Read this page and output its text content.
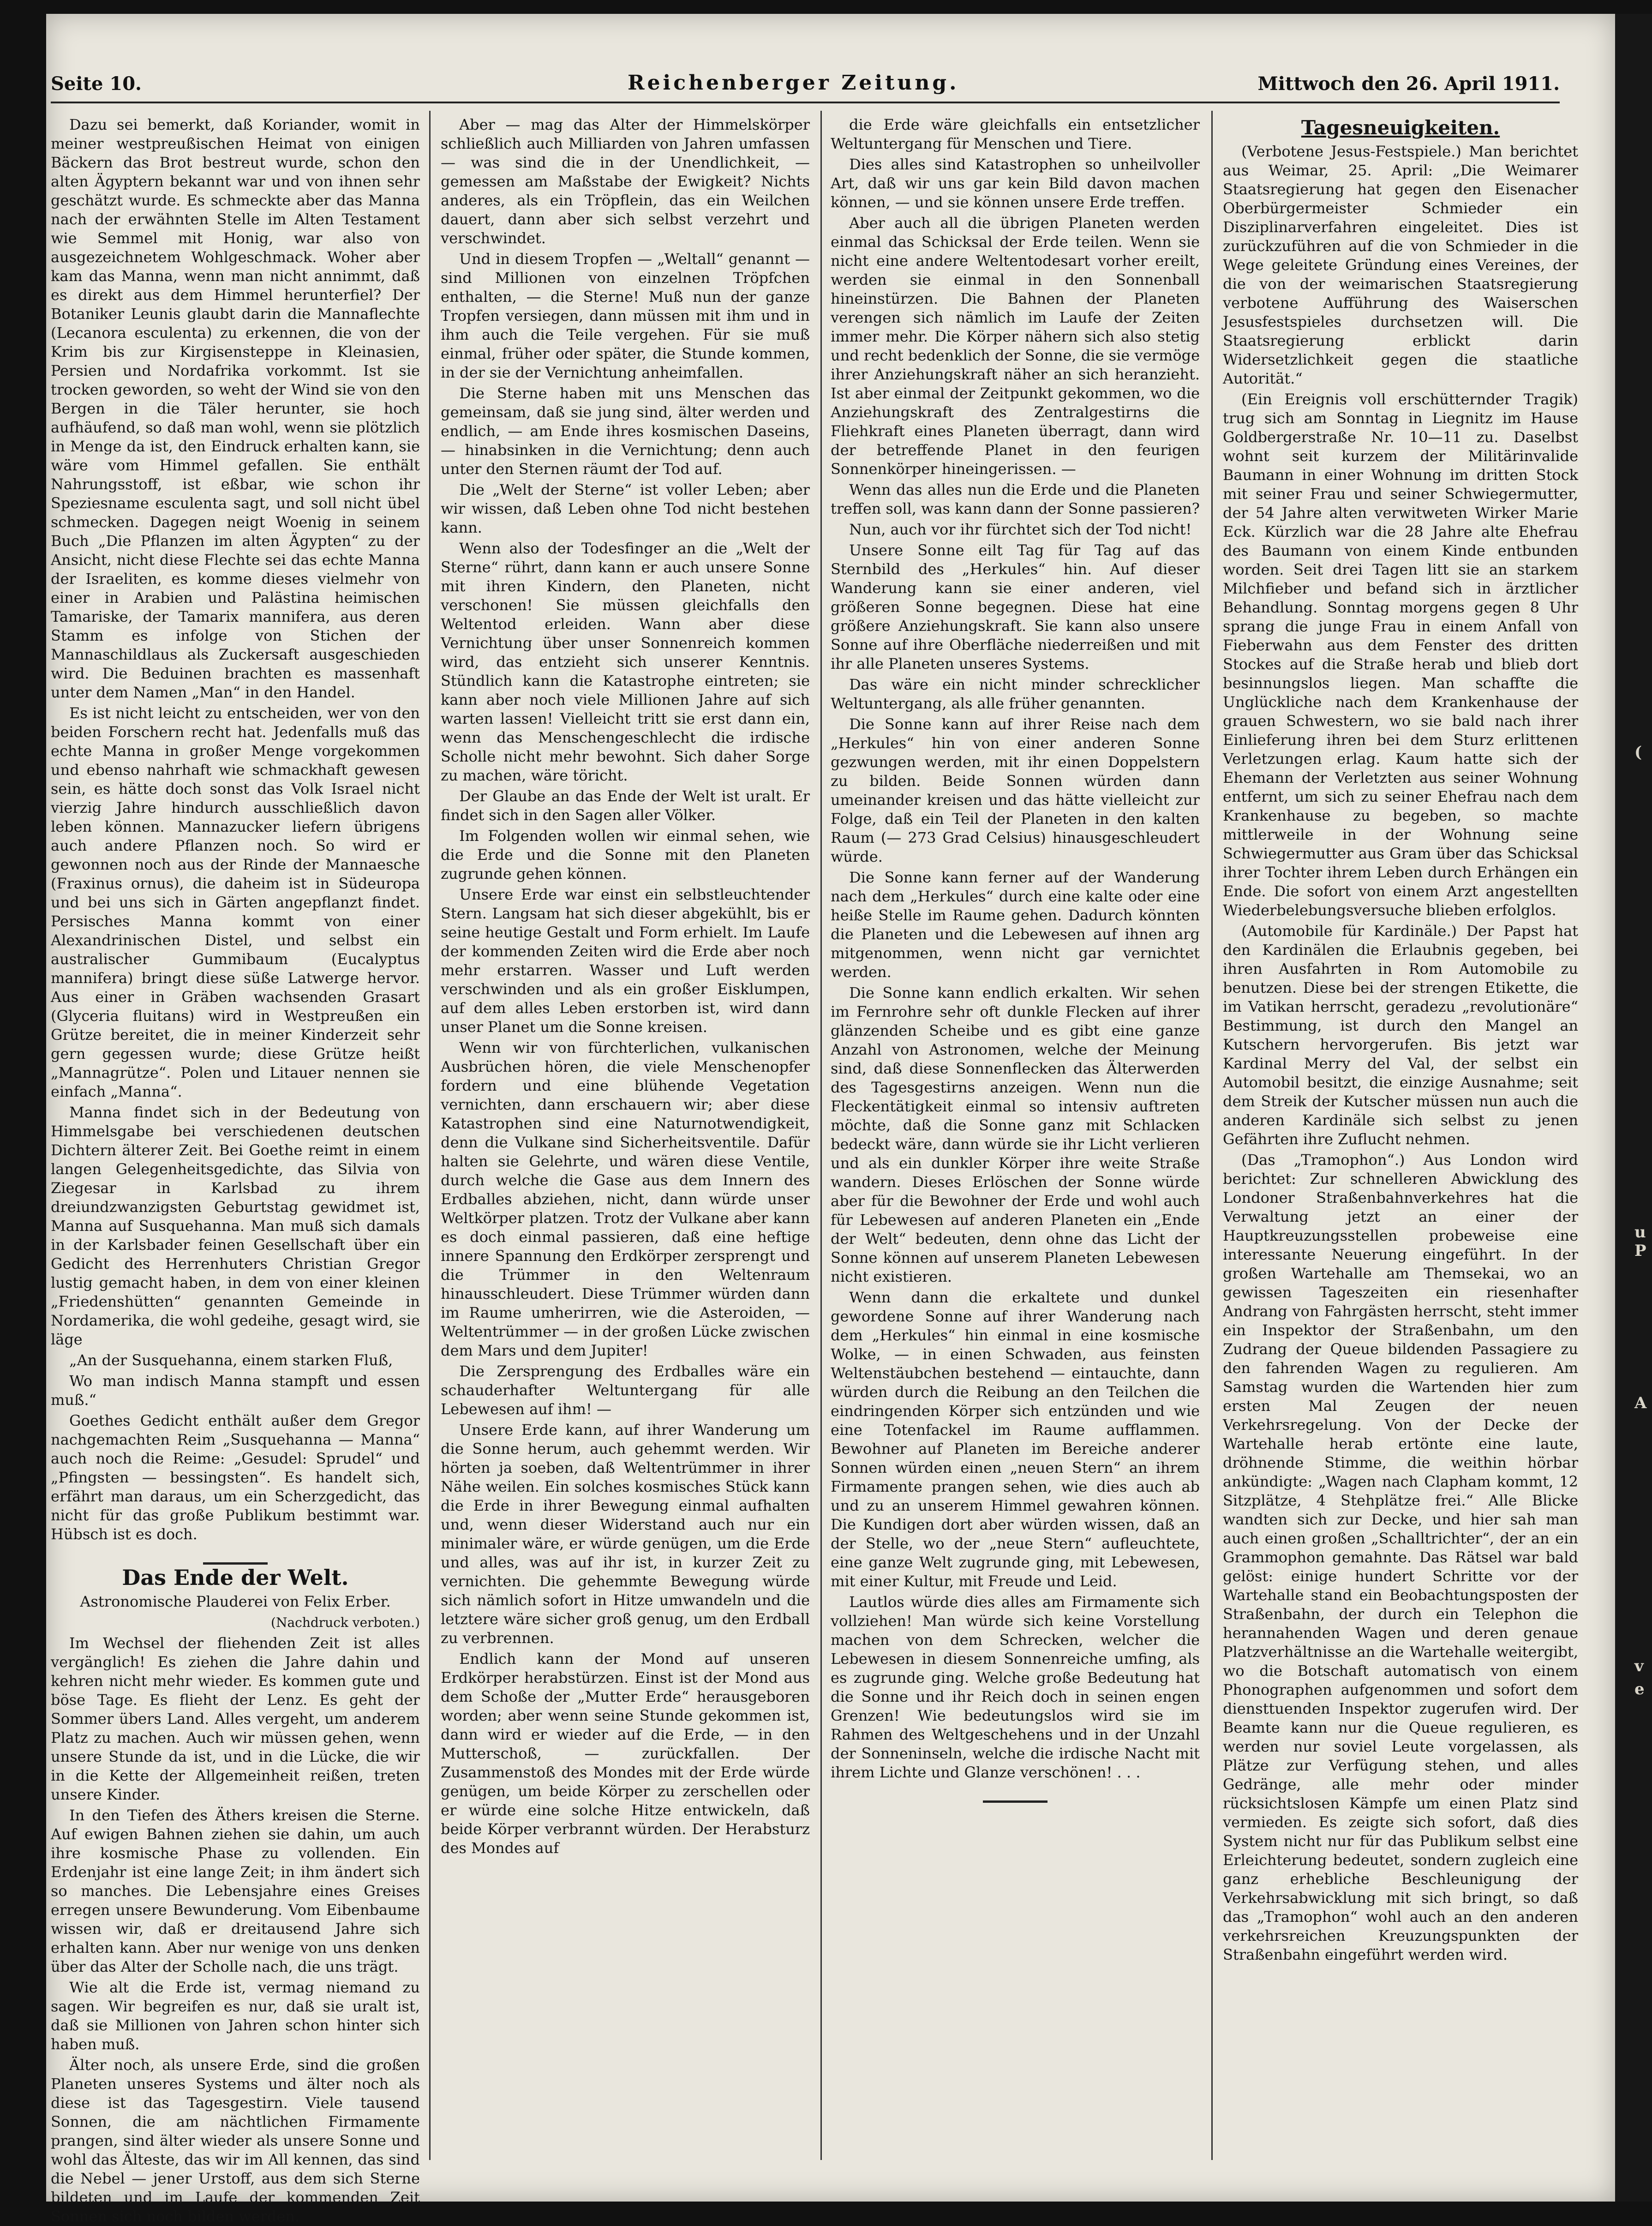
Seite 10.	Reichenberger Zeitung.	Mittwoch den 26. April 1911.

Dazu sei bemerkt, daß Koriander, womit in meiner westpreußischen Heimat von einigen Bäckern das Brot bestreut wurde, schon den alten Ägyptern bekannt war und von ihnen sehr geschätzt wurde. Es schmeckte aber das Manna nach der erwähnten Stelle im Alten Testament wie Semmel mit Honig, war also von ausgezeichnetem Wohlgeschmack. Woher aber kam das Manna, wenn man nicht annimmt, daß es direkt aus dem Himmel herunterfiel? Der Botaniker Leunis glaubt darin die Mannaflechte (Lecanora esculenta) zu erkennen, die von der Krim bis zur Kirgisensteppe in Kleinasien, Persien und Nordafrika vorkommt. Ist sie trocken geworden, so weht der Wind sie von den Bergen in die Täler herunter, sie hoch aufhäufend, so daß man wohl, wenn sie plötzlich in Menge da ist, den Eindruck erhalten kann, sie wäre vom Himmel gefallen. Sie enthält Nahrungsstoff, ist eßbar, wie schon ihr Speziesname esculenta sagt, und soll nicht übel schmecken. Dagegen neigt Woenig in seinem Buch „Die Pflanzen im alten Ägypten“ zu der Ansicht, nicht diese Flechte sei das echte Manna der Israeliten, es komme dieses vielmehr von einer in Arabien und Palästina heimischen Tamariske, der Tamarix mannifera, aus deren Stamm es infolge von Stichen der Mannaschildlaus als Zuckersaft ausgeschieden wird. Die Beduinen brachten es massenhaft unter dem Namen „Man“ in den Handel.

Es ist nicht leicht zu entscheiden, wer von den beiden Forschern recht hat. Jedenfalls muß das echte Manna in großer Menge vorgekommen und ebenso nahrhaft wie schmackhaft gewesen sein, es hätte doch sonst das Volk Israel nicht vierzig Jahre hindurch ausschließlich davon leben können. Mannazucker liefern übrigens auch andere Pflanzen noch. So wird er gewonnen noch aus der Rinde der Mannaesche (Fraxinus ornus), die daheim ist in Südeuropa und bei uns sich in Gärten angepflanzt findet. Persisches Manna kommt von einer Alexandrinischen Distel, und selbst ein australischer Gummibaum (Eucalyptus mannifera) bringt diese süße Latwerge hervor. Aus einer in Gräben wachsenden Grasart (Glyceria fluitans) wird in Westpreußen ein Grütze bereitet, die in meiner Kinderzeit sehr gern gegessen wurde; diese Grütze heißt „Mannagrütze“. Polen und Litauer nennen sie einfach „Manna“.

Manna findet sich in der Bedeutung von Himmelsgabe bei verschiedenen deutschen Dichtern älterer Zeit. Bei Goethe reimt in einem langen Gelegenheitsgedichte, das Silvia von Ziegesar in Karlsbad zu ihrem dreiundzwanzigsten Geburtstag gewidmet ist, Manna auf Susquehanna. Man muß sich damals in der Karlsbader feinen Gesellschaft über ein Gedicht des Herrenhuters Christian Gregor lustig gemacht haben, in dem von einer kleinen „Friedenshütten“ genannten Gemeinde in Nordamerika, die wohl gedeihe, gesagt wird, sie läge

„An der Susquehanna, einem starken Fluß,

Wo man indisch Manna stampft und essen muß.“

Goethes Gedicht enthält außer dem Gregor nachgemachten Reim „Susquehanna — Manna“ auch noch die Reime: „Gesudel: Sprudel“ und „Pfingsten — bessingsten“. Es handelt sich, erfährt man daraus, um ein Scherzgedicht, das nicht für das große Publikum bestimmt war. Hübsch ist es doch.

Das Ende der Welt.

Astronomische Plauderei von Felix Erber.

(Nachdruck verboten.)

Im Wechsel der fliehenden Zeit ist alles vergänglich! Es ziehen die Jahre dahin und kehren nicht mehr wieder. Es kommen gute und böse Tage. Es flieht der Lenz. Es geht der Sommer übers Land. Alles vergeht, um anderem Platz zu machen. Auch wir müssen gehen, wenn unsere Stunde da ist, und in die Lücke, die wir in die Kette der Allgemeinheit reißen, treten unsere Kinder.

In den Tiefen des Äthers kreisen die Sterne. Auf ewigen Bahnen ziehen sie dahin, um auch ihre kosmische Phase zu vollenden. Ein Erdenjahr ist eine lange Zeit; in ihm ändert sich so manches. Die Lebensjahre eines Greises erregen unsere Bewunderung. Vom Eibenbaume wissen wir, daß er dreitausend Jahre sich erhalten kann. Aber nur wenige von uns denken über das Alter der Scholle nach, die uns trägt.

Wie alt die Erde ist, vermag niemand zu sagen. Wir begreifen es nur, daß sie uralt ist, daß sie Millionen von Jahren schon hinter sich haben muß.

Älter noch, als unsere Erde, sind die großen Planeten unseres Systems und älter noch als diese ist das Tagesgestirn. Viele tausend Sonnen, die am nächtlichen Firmamente prangen, sind älter wieder als unsere Sonne und wohl das Älteste, das wir im All kennen, das sind die Nebel — jener Urstoff, aus dem sich Sterne bildeten und im Laufe der kommenden Zeit Sonnen sich noch bilden werden.

Aber — mag das Alter der Himmelskörper schließlich auch Milliarden von Jahren umfassen — was sind die in der Unendlichkeit, — gemessen am Maßstabe der Ewigkeit? Nichts anderes, als ein Tröpflein, das ein Weilchen dauert, dann aber sich selbst verzehrt und verschwindet.

Und in diesem Tropfen — „Weltall“ genannt — sind Millionen von einzelnen Tröpfchen enthalten, — die Sterne! Muß nun der ganze Tropfen versiegen, dann müssen mit ihm und in ihm auch die Teile vergehen. Für sie muß einmal, früher oder später, die Stunde kommen, in der sie der Vernichtung anheimfallen.

Die Sterne haben mit uns Menschen das gemeinsam, daß sie jung sind, älter werden und endlich, — am Ende ihres kosmischen Daseins, — hinabsinken in die Vernichtung; denn auch unter den Sternen räumt der Tod auf.

Die „Welt der Sterne“ ist voller Leben; aber wir wissen, daß Leben ohne Tod nicht bestehen kann.

Wenn also der Todesfinger an die „Welt der Sterne“ rührt, dann kann er auch unsere Sonne mit ihren Kindern, den Planeten, nicht verschonen! Sie müssen gleichfalls den Weltentod erleiden. Wann aber diese Vernichtung über unser Sonnenreich kommen wird, das entzieht sich unserer Kenntnis. Stündlich kann die Katastrophe eintreten; sie kann aber noch viele Millionen Jahre auf sich warten lassen! Vielleicht tritt sie erst dann ein, wenn das Menschengeschlecht die irdische Scholle nicht mehr bewohnt. Sich daher Sorge zu machen, wäre töricht.

Der Glaube an das Ende der Welt ist uralt. Er findet sich in den Sagen aller Völker.

Im Folgenden wollen wir einmal sehen, wie die Erde und die Sonne mit den Planeten zugrunde gehen können.

Unsere Erde war einst ein selbstleuchtender Stern. Langsam hat sich dieser abgekühlt, bis er seine heutige Gestalt und Form erhielt. Im Laufe der kommenden Zeiten wird die Erde aber noch mehr erstarren. Wasser und Luft werden verschwinden und als ein großer Eisklumpen, auf dem alles Leben erstorben ist, wird dann unser Planet um die Sonne kreisen.

Wenn wir von fürchterlichen, vulkanischen Ausbrüchen hören, die viele Menschenopfer fordern und eine blühende Vegetation vernichten, dann erschauern wir; aber diese Katastrophen sind eine Naturnotwendigkeit, denn die Vulkane sind Sicherheitsventile. Dafür halten sie Gelehrte, und wären diese Ventile, durch welche die Gase aus dem Innern des Erdballes abziehen, nicht, dann würde unser Weltkörper platzen. Trotz der Vulkane aber kann es doch einmal passieren, daß eine heftige innere Spannung den Erdkörper zersprengt und die Trümmer in den Weltenraum hinausschleudert. Diese Trümmer würden dann im Raume umherirren, wie die Asteroiden, — Weltentrümmer — in der großen Lücke zwischen dem Mars und dem Jupiter!

Die Zersprengung des Erdballes wäre ein schauderhafter Weltuntergang für alle Lebewesen auf ihm! —

Unsere Erde kann, auf ihrer Wanderung um die Sonne herum, auch gehemmt werden. Wir hörten ja soeben, daß Weltentrümmer in ihrer Nähe weilen. Ein solches kosmisches Stück kann die Erde in ihrer Bewegung einmal aufhalten und, wenn dieser Widerstand auch nur ein minimaler wäre, er würde genügen, um die Erde und alles, was auf ihr ist, in kurzer Zeit zu vernichten. Die gehemmte Bewegung würde sich nämlich sofort in Hitze umwandeln und die letztere wäre sicher groß genug, um den Erdball zu verbrennen.

Endlich kann der Mond auf unseren Erdkörper herabstürzen. Einst ist der Mond aus dem Schoße der „Mutter Erde“ herausgeboren worden; aber wenn seine Stunde gekommen ist, dann wird er wieder auf die Erde, — in den Mutterschoß, — zurückfallen. Der Zusammenstoß des Mondes mit der Erde würde genügen, um beide Körper zu zerschellen oder er würde eine solche Hitze entwickeln, daß beide Körper verbrannt würden. Der Herabsturz des Mondes auf

die Erde wäre gleichfalls ein entsetzlicher Weltuntergang für Menschen und Tiere.

Dies alles sind Katastrophen so unheilvoller Art, daß wir uns gar kein Bild davon machen können, — und sie können unsere Erde treffen.

Aber auch all die übrigen Planeten werden einmal das Schicksal der Erde teilen. Wenn sie nicht eine andere Weltentodesart vorher ereilt, werden sie einmal in den Sonnenball hineinstürzen. Die Bahnen der Planeten verengen sich nämlich im Laufe der Zeiten immer mehr. Die Körper nähern sich also stetig und recht bedenklich der Sonne, die sie vermöge ihrer Anziehungskraft näher an sich heranzieht. Ist aber einmal der Zeitpunkt gekommen, wo die Anziehungskraft des Zentralgestirns die Fliehkraft eines Planeten überragt, dann wird der betreffende Planet in den feurigen Sonnenkörper hineingerissen. —

Wenn das alles nun die Erde und die Planeten treffen soll, was kann dann der Sonne passieren?

Nun, auch vor ihr fürchtet sich der Tod nicht!

Unsere Sonne eilt Tag für Tag auf das Sternbild des „Herkules“ hin. Auf dieser Wanderung kann sie einer anderen, viel größeren Sonne begegnen. Diese hat eine größere Anziehungskraft. Sie kann also unsere Sonne auf ihre Oberfläche niederreißen und mit ihr alle Planeten unseres Systems.

Das wäre ein nicht minder schrecklicher Weltuntergang, als alle früher genannten.

Die Sonne kann auf ihrer Reise nach dem „Herkules“ hin von einer anderen Sonne gezwungen werden, mit ihr einen Doppelstern zu bilden. Beide Sonnen würden dann umeinander kreisen und das hätte vielleicht zur Folge, daß ein Teil der Planeten in den kalten Raum (— 273 Grad Celsius) hinausgeschleudert würde.

Die Sonne kann ferner auf der Wanderung nach dem „Herkules“ durch eine kalte oder eine heiße Stelle im Raume gehen. Dadurch könnten die Planeten und die Lebewesen auf ihnen arg mitgenommen, wenn nicht gar vernichtet werden.

Die Sonne kann endlich erkalten. Wir sehen im Fernrohre sehr oft dunkle Flecken auf ihrer glänzenden Scheibe und es gibt eine ganze Anzahl von Astronomen, welche der Meinung sind, daß diese Sonnenflecken das Älterwerden des Tagesgestirns anzeigen. Wenn nun die Fleckentätigkeit einmal so intensiv auftreten möchte, daß die Sonne ganz mit Schlacken bedeckt wäre, dann würde sie ihr Licht verlieren und als ein dunkler Körper ihre weite Straße wandern. Dieses Erlöschen der Sonne würde aber für die Bewohner der Erde und wohl auch für Lebewesen auf anderen Planeten ein „Ende der Welt“ bedeuten, denn ohne das Licht der Sonne können auf unserem Planeten Lebewesen nicht existieren.

Wenn dann die erkaltete und dunkel gewordene Sonne auf ihrer Wanderung nach dem „Herkules“ hin einmal in eine kosmische Wolke, — in einen Schwaden, aus feinsten Weltenstäubchen bestehend — eintauchte, dann würden durch die Reibung an den Teilchen die eindringenden Körper sich entzünden und wie eine Totenfackel im Raume aufflammen. Bewohner auf Planeten im Bereiche anderer Sonnen würden einen „neuen Stern“ an ihrem Firmamente prangen sehen, wie dies auch ab und zu an unserem Himmel gewahren können. Die Kundigen dort aber würden wissen, daß an der Stelle, wo der „neue Stern“ aufleuchtete, eine ganze Welt zugrunde ging, mit Lebewesen, mit einer Kultur, mit Freude und Leid.

Lautlos würde dies alles am Firmamente sich vollziehen! Man würde sich keine Vorstellung machen von dem Schrecken, welcher die Lebewesen in diesem Sonnenreiche umfing, als es zugrunde ging. Welche große Bedeutung hat die Sonne und ihr Reich doch in seinen engen Grenzen! Wie bedeutungslos wird sie im Rahmen des Weltgeschehens und in der Unzahl der Sonneninseln, welche die irdische Nacht mit ihrem Lichte und Glanze verschönen! . . .

Tagesneuigkeiten.

(Verbotene Jesus-Festspiele.) Man berichtet aus Weimar, 25. April: „Die Weimarer Staatsregierung hat gegen den Eisenacher Oberbürgermeister Schmieder ein Disziplinarverfahren eingeleitet. Dies ist zurückzuführen auf die von Schmieder in die Wege geleitete Gründung eines Vereines, der die von der weimarischen Staatsregierung verbotene Aufführung des Waiserschen Jesusfestspieles durchsetzen will. Die Staatsregierung erblickt darin Widersetzlichkeit gegen die staatliche Autorität.“

(Ein Ereignis voll erschütternder Tragik) trug sich am Sonntag in Liegnitz im Hause Goldbergerstraße Nr. 10—11 zu. Daselbst wohnt seit kurzem der Militärinvalide Baumann in einer Wohnung im dritten Stock mit seiner Frau und seiner Schwiegermutter, der 54 Jahre alten verwitweten Wirker Marie Eck. Kürzlich war die 28 Jahre alte Ehefrau des Baumann von einem Kinde entbunden worden. Seit drei Tagen litt sie an starkem Milchfieber und befand sich in ärztlicher Behandlung. Sonntag morgens gegen 8 Uhr sprang die junge Frau in einem Anfall von Fieberwahn aus dem Fenster des dritten Stockes auf die Straße herab und blieb dort besinnungslos liegen. Man schaffte die Unglückliche nach dem Krankenhause der grauen Schwestern, wo sie bald nach ihrer Einlieferung ihren bei dem Sturz erlittenen Verletzungen erlag. Kaum hatte sich der Ehemann der Verletzten aus seiner Wohnung entfernt, um sich zu seiner Ehefrau nach dem Krankenhause zu begeben, so machte mittlerweile in der Wohnung seine Schwiegermutter aus Gram über das Schicksal ihrer Tochter ihrem Leben durch Erhängen ein Ende. Die sofort von einem Arzt angestellten Wiederbelebungsversuche blieben erfolglos.

(Automobile für Kardinäle.) Der Papst hat den Kardinälen die Erlaubnis gegeben, bei ihren Ausfahrten in Rom Automobile zu benutzen. Diese bei der strengen Etikette, die im Vatikan herrscht, geradezu „revolutionäre“ Bestimmung, ist durch den Mangel an Kutschern hervorgerufen. Bis jetzt war Kardinal Merry del Val, der selbst ein Automobil besitzt, die einzige Ausnahme; seit dem Streik der Kutscher müssen nun auch die anderen Kardinäle sich selbst zu jenen Gefährten ihre Zuflucht nehmen.

(Das „Tramophon“.) Aus London wird berichtet: Zur schnelleren Abwicklung des Londoner Straßenbahnverkehres hat die Verwaltung jetzt an einer der Hauptkreuzungsstellen probeweise eine interessante Neuerung eingeführt. In der großen Wartehalle am Themsekai, wo an gewissen Tageszeiten ein riesenhafter Andrang von Fahrgästen herrscht, steht immer ein Inspektor der Straßenbahn, um den Zudrang der Queue bildenden Passagiere zu den fahrenden Wagen zu regulieren. Am Samstag wurden die Wartenden hier zum ersten Mal Zeugen der neuen Verkehrsregelung. Von der Decke der Wartehalle herab ertönte eine laute, dröhnende Stimme, die weithin hörbar ankündigte: „Wagen nach Clapham kommt, 12 Sitzplätze, 4 Stehplätze frei.“ Alle Blicke wandten sich zur Decke, und hier sah man auch einen großen „Schalltrichter“, der an ein Grammophon gemahnte. Das Rätsel war bald gelöst: einige hundert Schritte vor der Wartehalle stand ein Beobachtungsposten der Straßenbahn, der durch ein Telephon die herannahenden Wagen und deren genaue Platzverhältnisse an die Wartehalle weitergibt, wo die Botschaft automatisch von einem Phonographen aufgenommen und sofort dem diensttuenden Inspektor zugerufen wird. Der Beamte kann nur die Queue regulieren, es werden nur soviel Leute vorgelassen, als Plätze zur Verfügung stehen, und alles Gedränge, alle mehr oder minder rücksichtslosen Kämpfe um einen Platz sind vermieden. Es zeigte sich sofort, daß dies System nicht nur für das Publikum selbst eine Erleichterung bedeutet, sondern zugleich eine ganz erhebliche Beschleunigung der Verkehrsabwicklung mit sich bringt, so daß das „Tramophon“ wohl auch an den anderen verkehrsreichen Kreuzungspunkten der Straßenbahn eingeführt werden wird.

(
u
P
A
v
e
